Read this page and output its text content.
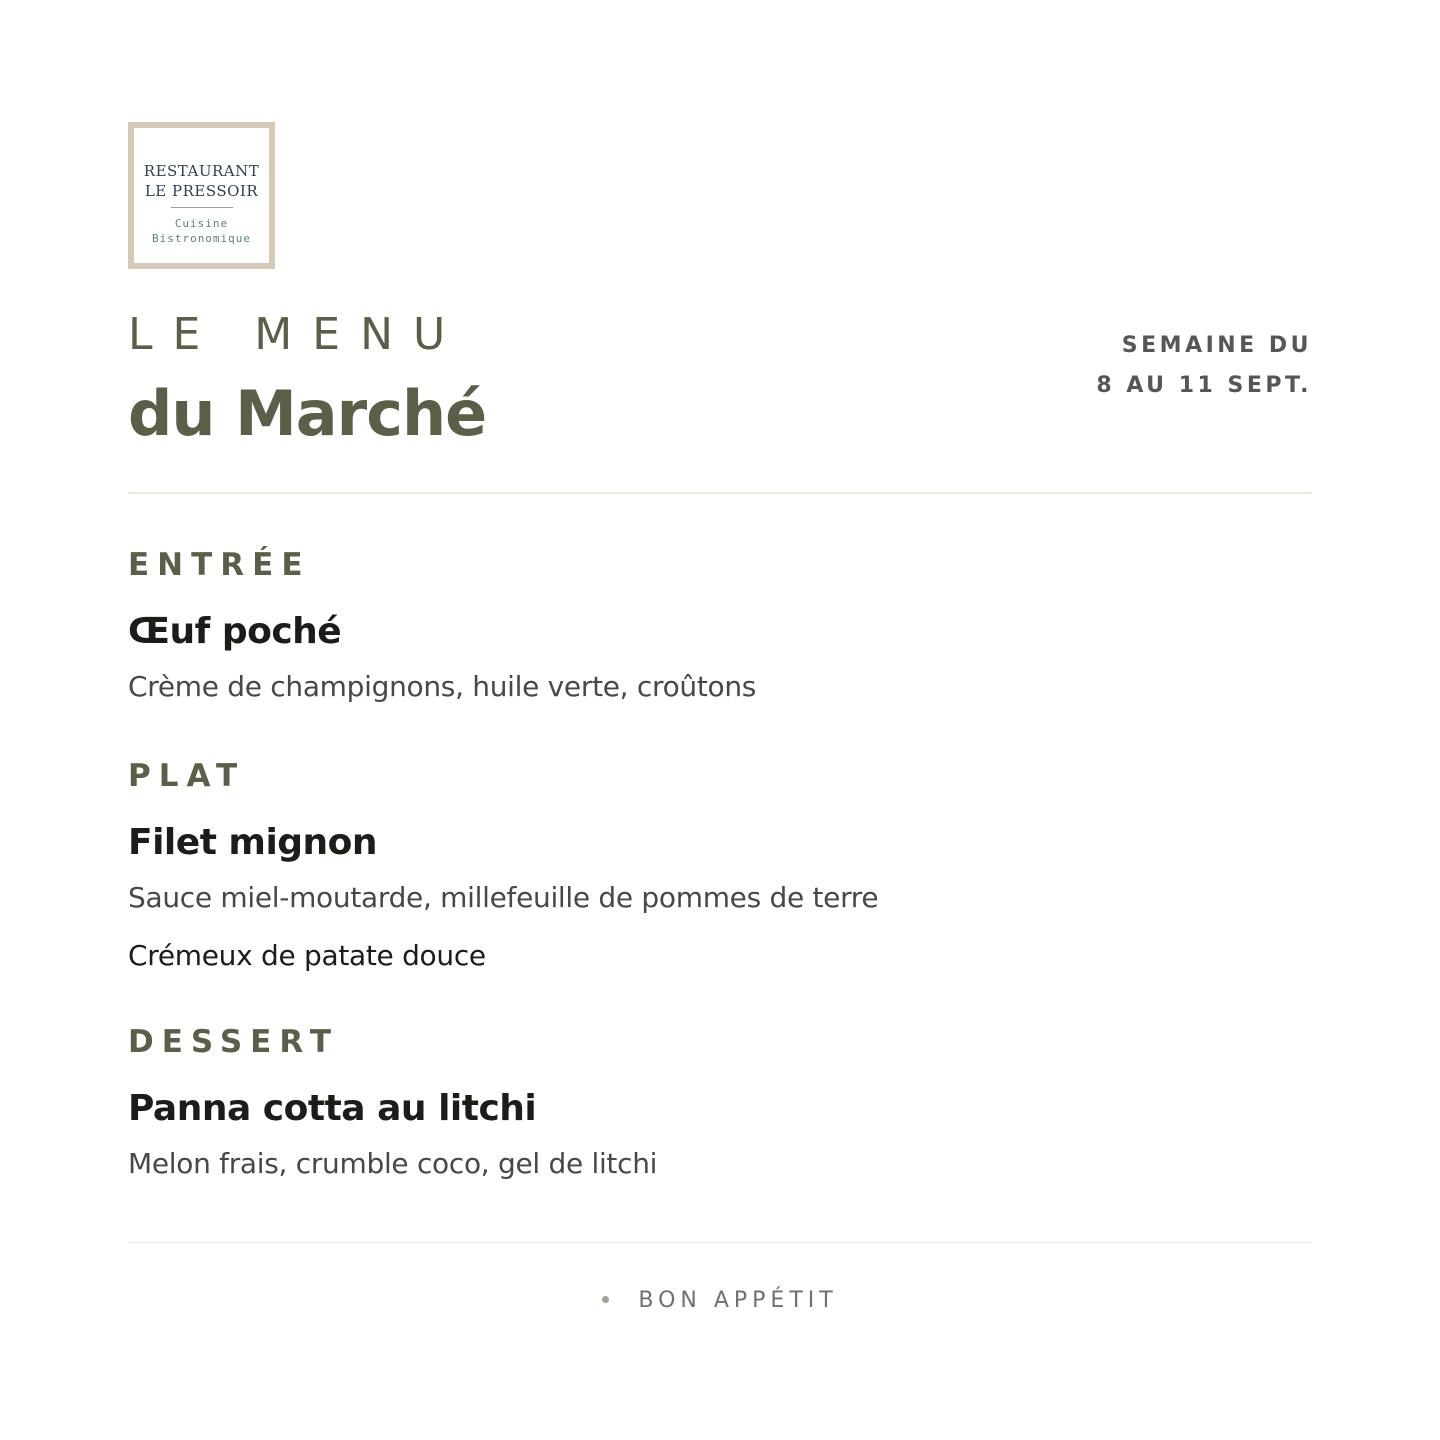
RESTAURANT
LE PRESSOIR
Cuisine
Bistronomique
LE MENU
du Marché
SEMAINE DU
8 AU 11 SEPT.
ENTRÉE
Œuf poché
Crème de champignons, huile verte, croûtons
PLAT
Filet mignon
Sauce miel-moutarde, millefeuille de pommes de terre
Crémeux de patate douce
DESSERT
Panna cotta au litchi
Melon frais, crumble coco, gel de litchi
BON APPÉTIT
